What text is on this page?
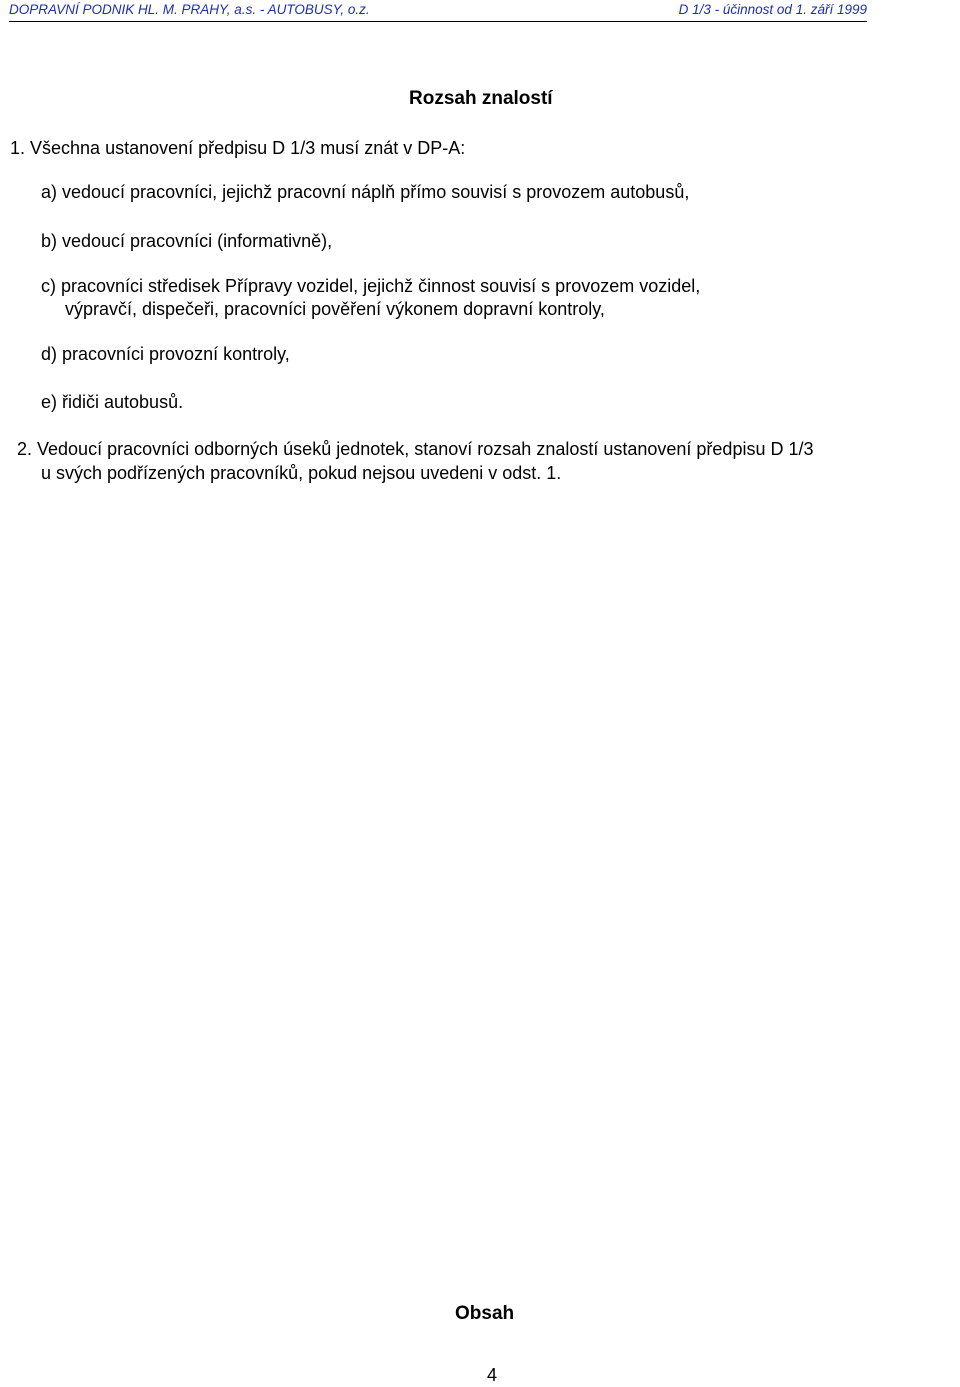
DOPRAVNÍ PODNIK HL. M. PRAHY, a.s. - AUTOBUSY, o.z.	D 1/3 - účinnost od 1. září 1999
Rozsah znalostí
1. Všechna ustanovení předpisu D 1/3 musí znát v DP-A:
a) vedoucí pracovníci, jejichž pracovní náplň přímo souvisí s provozem autobusů,
b) vedoucí pracovníci (informativně),
c) pracovníci středisek Přípravy vozidel, jejichž činnost souvisí s provozem vozidel,
výpravčí, dispečeři, pracovníci pověření výkonem dopravní kontroly,
d) pracovníci provozní kontroly,
e) řidiči autobusů.
2. Vedoucí pracovníci odborných úseků jednotek, stanoví rozsah znalostí ustanovení předpisu D 1/3
u svých podřízených pracovníků, pokud nejsou uvedeni v odst. 1.
Obsah
4
